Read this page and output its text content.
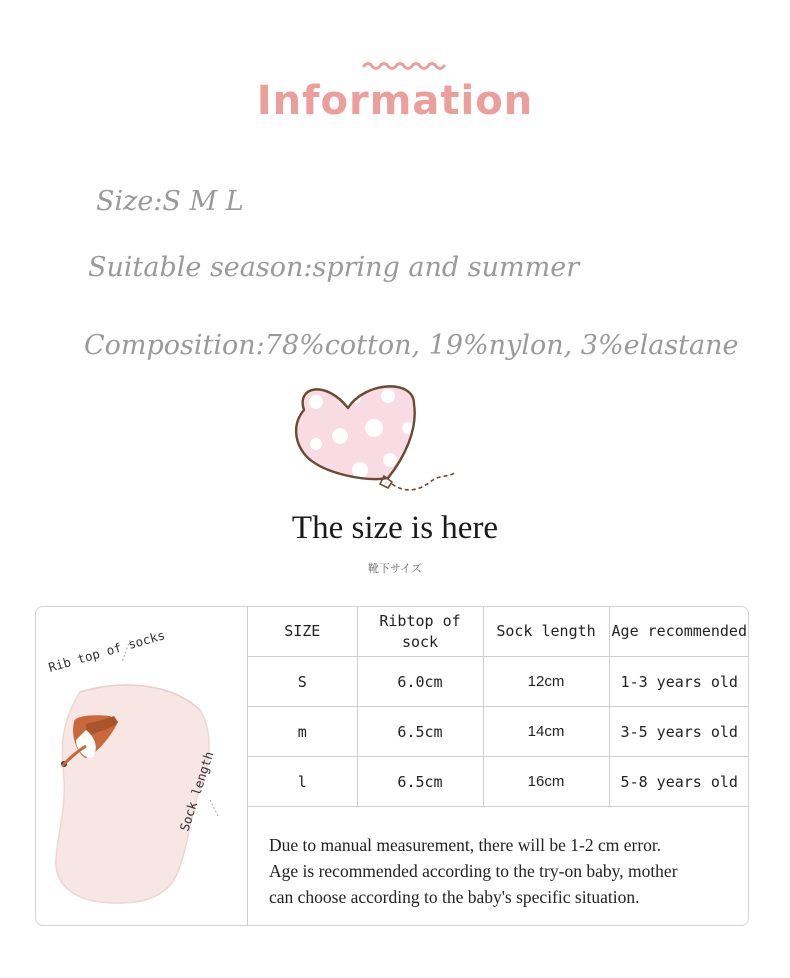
Information
Size:S M L
Suitable season:spring and summer
Composition:78%cotton, 19%nylon, 3%elastane
The size is here
靴下サイズ
Rib top of socks
Sock length
SIZE	Ribtop of sock	Sock length	Age recommended
S	6.0cm	12cm	1-3 years old
m	6.5cm	14cm	3-5 years old
l	6.5cm	16cm	5-8 years old
Due to manual measurement, there will be 1-2 cm error.
Age is recommended according to the try-on baby, mother
can choose according to the baby's specific situation.
